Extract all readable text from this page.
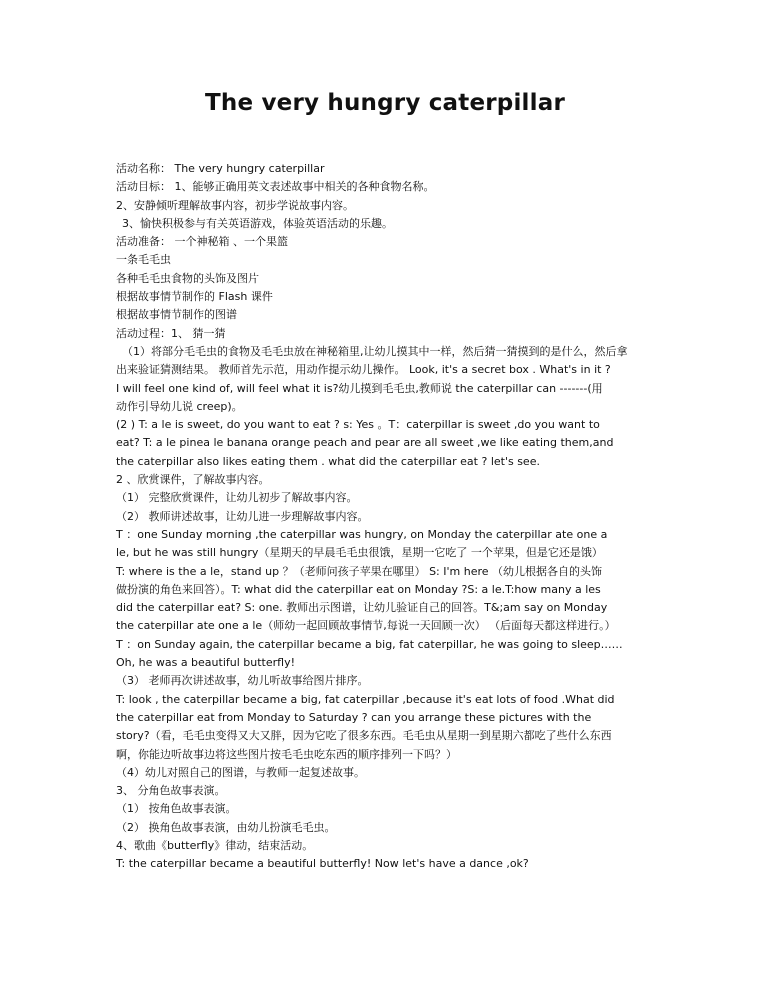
The very hungry caterpillar
活动名称： The very hungry caterpillar
活动目标： 1、能够正确用英文表述故事中相关的各种食物名称。
2、安静倾听理解故事内容，初步学说故事内容。
3、愉快积极参与有关英语游戏，体验英语活动的乐趣。
活动准备： 一个神秘箱 、一个果篮
一条毛毛虫
各种毛毛虫食物的头饰及图片
根据故事情节制作的 Flash 课件
根据故事情节制作的图谱
活动过程：1、 猜一猜
（1）将部分毛毛虫的食物及毛毛虫放在神秘箱里,让幼儿摸其中一样，然后猜一猜摸到的是什么，然后拿
出来验证猜测结果。 教师首先示范，用动作提示幼儿操作。 Look, it's a secret box . What's in it ?
I will feel one kind of, will feel what it is?幼儿摸到毛毛虫,教师说 the caterpillar can -------(用
动作引导幼儿说 creep)。
(2 ) T: a le is sweet, do you want to eat ? s: Yes 。T：caterpillar is sweet ,do you want to
eat? T: a le pinea le banana orange peach and pear are all sweet ,we like eating them,and
the caterpillar also likes eating them . what did the caterpillar eat ? let's see.
2 、欣赏课件，了解故事内容。
（1） 完整欣赏课件，让幼儿初步了解故事内容。
（2） 教师讲述故事，让幼儿进一步理解故事内容。
T ：one Sunday morning ,the caterpillar was hungry, on Monday the caterpillar ate one a
le, but he was still hungry（星期天的早晨毛毛虫很饿，星期一它吃了 一个苹果，但是它还是饿）
T: where is the a le，stand up ？（老师问孩子苹果在哪里） S: I'm here （幼儿根据各自的头饰
做扮演的角色来回答）。T: what did the caterpillar eat on Monday ?S: a le.T:how many a les
did the caterpillar eat? S: one. 教师出示图谱，让幼儿验证自己的回答。T&;am say on Monday
the caterpillar ate one a le（师幼一起回顾故事情节,每说一天回顾一次） （后面每天都这样进行。）
T ：on Sunday again, the caterpillar became a big, fat caterpillar, he was going to sleep……
Oh, he was a beautiful butterfly!
（3） 老师再次讲述故事，幼儿听故事给图片排序。
T: look , the caterpillar became a big, fat caterpillar ,because it's eat lots of food .What did
the caterpillar eat from Monday to Saturday ? can you arrange these pictures with the
story?（看，毛毛虫变得又大又胖，因为它吃了很多东西。毛毛虫从星期一到星期六都吃了些什么东西
啊，你能边听故事边将这些图片按毛毛虫吃东西的顺序排列一下吗？）
（4）幼儿对照自己的图谱，与教师一起复述故事。
3、 分角色故事表演。
（1） 按角色故事表演。
（2） 换角色故事表演，由幼儿扮演毛毛虫。
4、歌曲《butterfly》律动，结束活动。
T: the caterpillar became a beautiful butterfly! Now let's have a dance ,ok?
